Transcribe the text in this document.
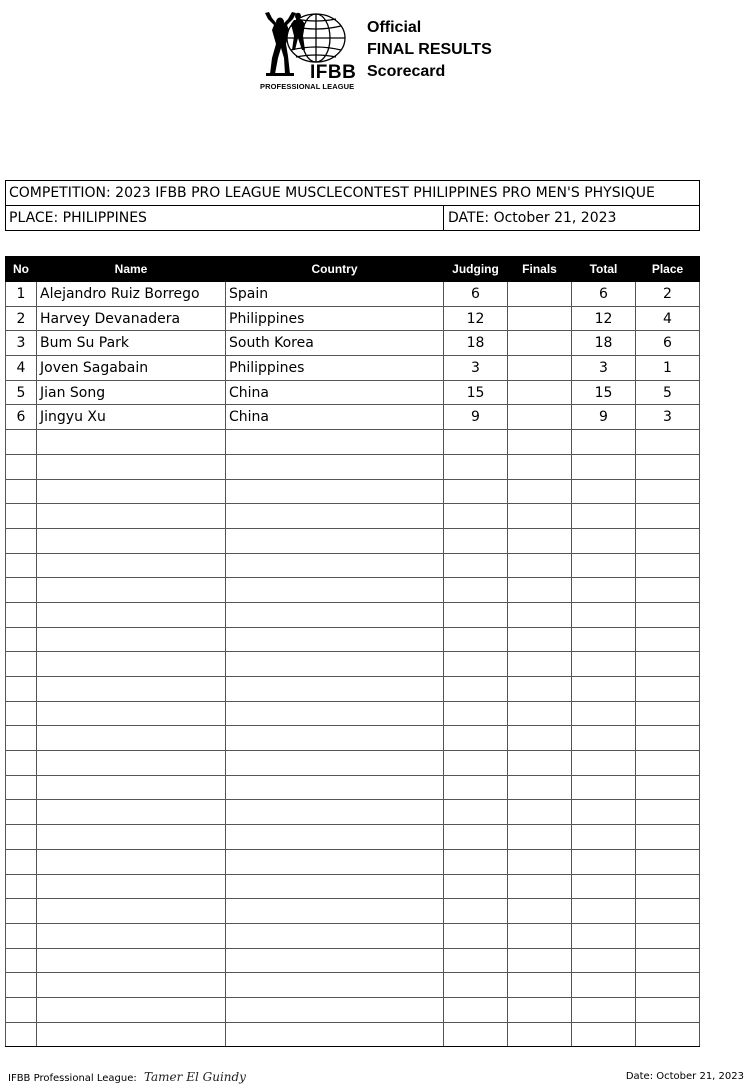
IFBB
PROFESSIONAL LEAGUE
Official
FINAL RESULTS
Scorecard
COMPETITION: 2023 IFBB PRO LEAGUE MUSCLECONTEST PHILIPPINES PRO MEN'S PHYSIQUE
PLACE: PHILIPPINES	DATE: October 21, 2023
No	Name	Country	Judging	Finals	Total	Place
1	Alejandro Ruiz Borrego	Spain	6		6	2
2	Harvey Devanadera	Philippines	12		12	4
3	Bum Su Park	South Korea	18		18	6
4	Joven Sagabain	Philippines	3		3	1
5	Jian Song	China	15		15	5
6	Jingyu Xu	China	9		9	3

IFBB Professional League: Tamer El Guindy	Date: October 21, 2023
